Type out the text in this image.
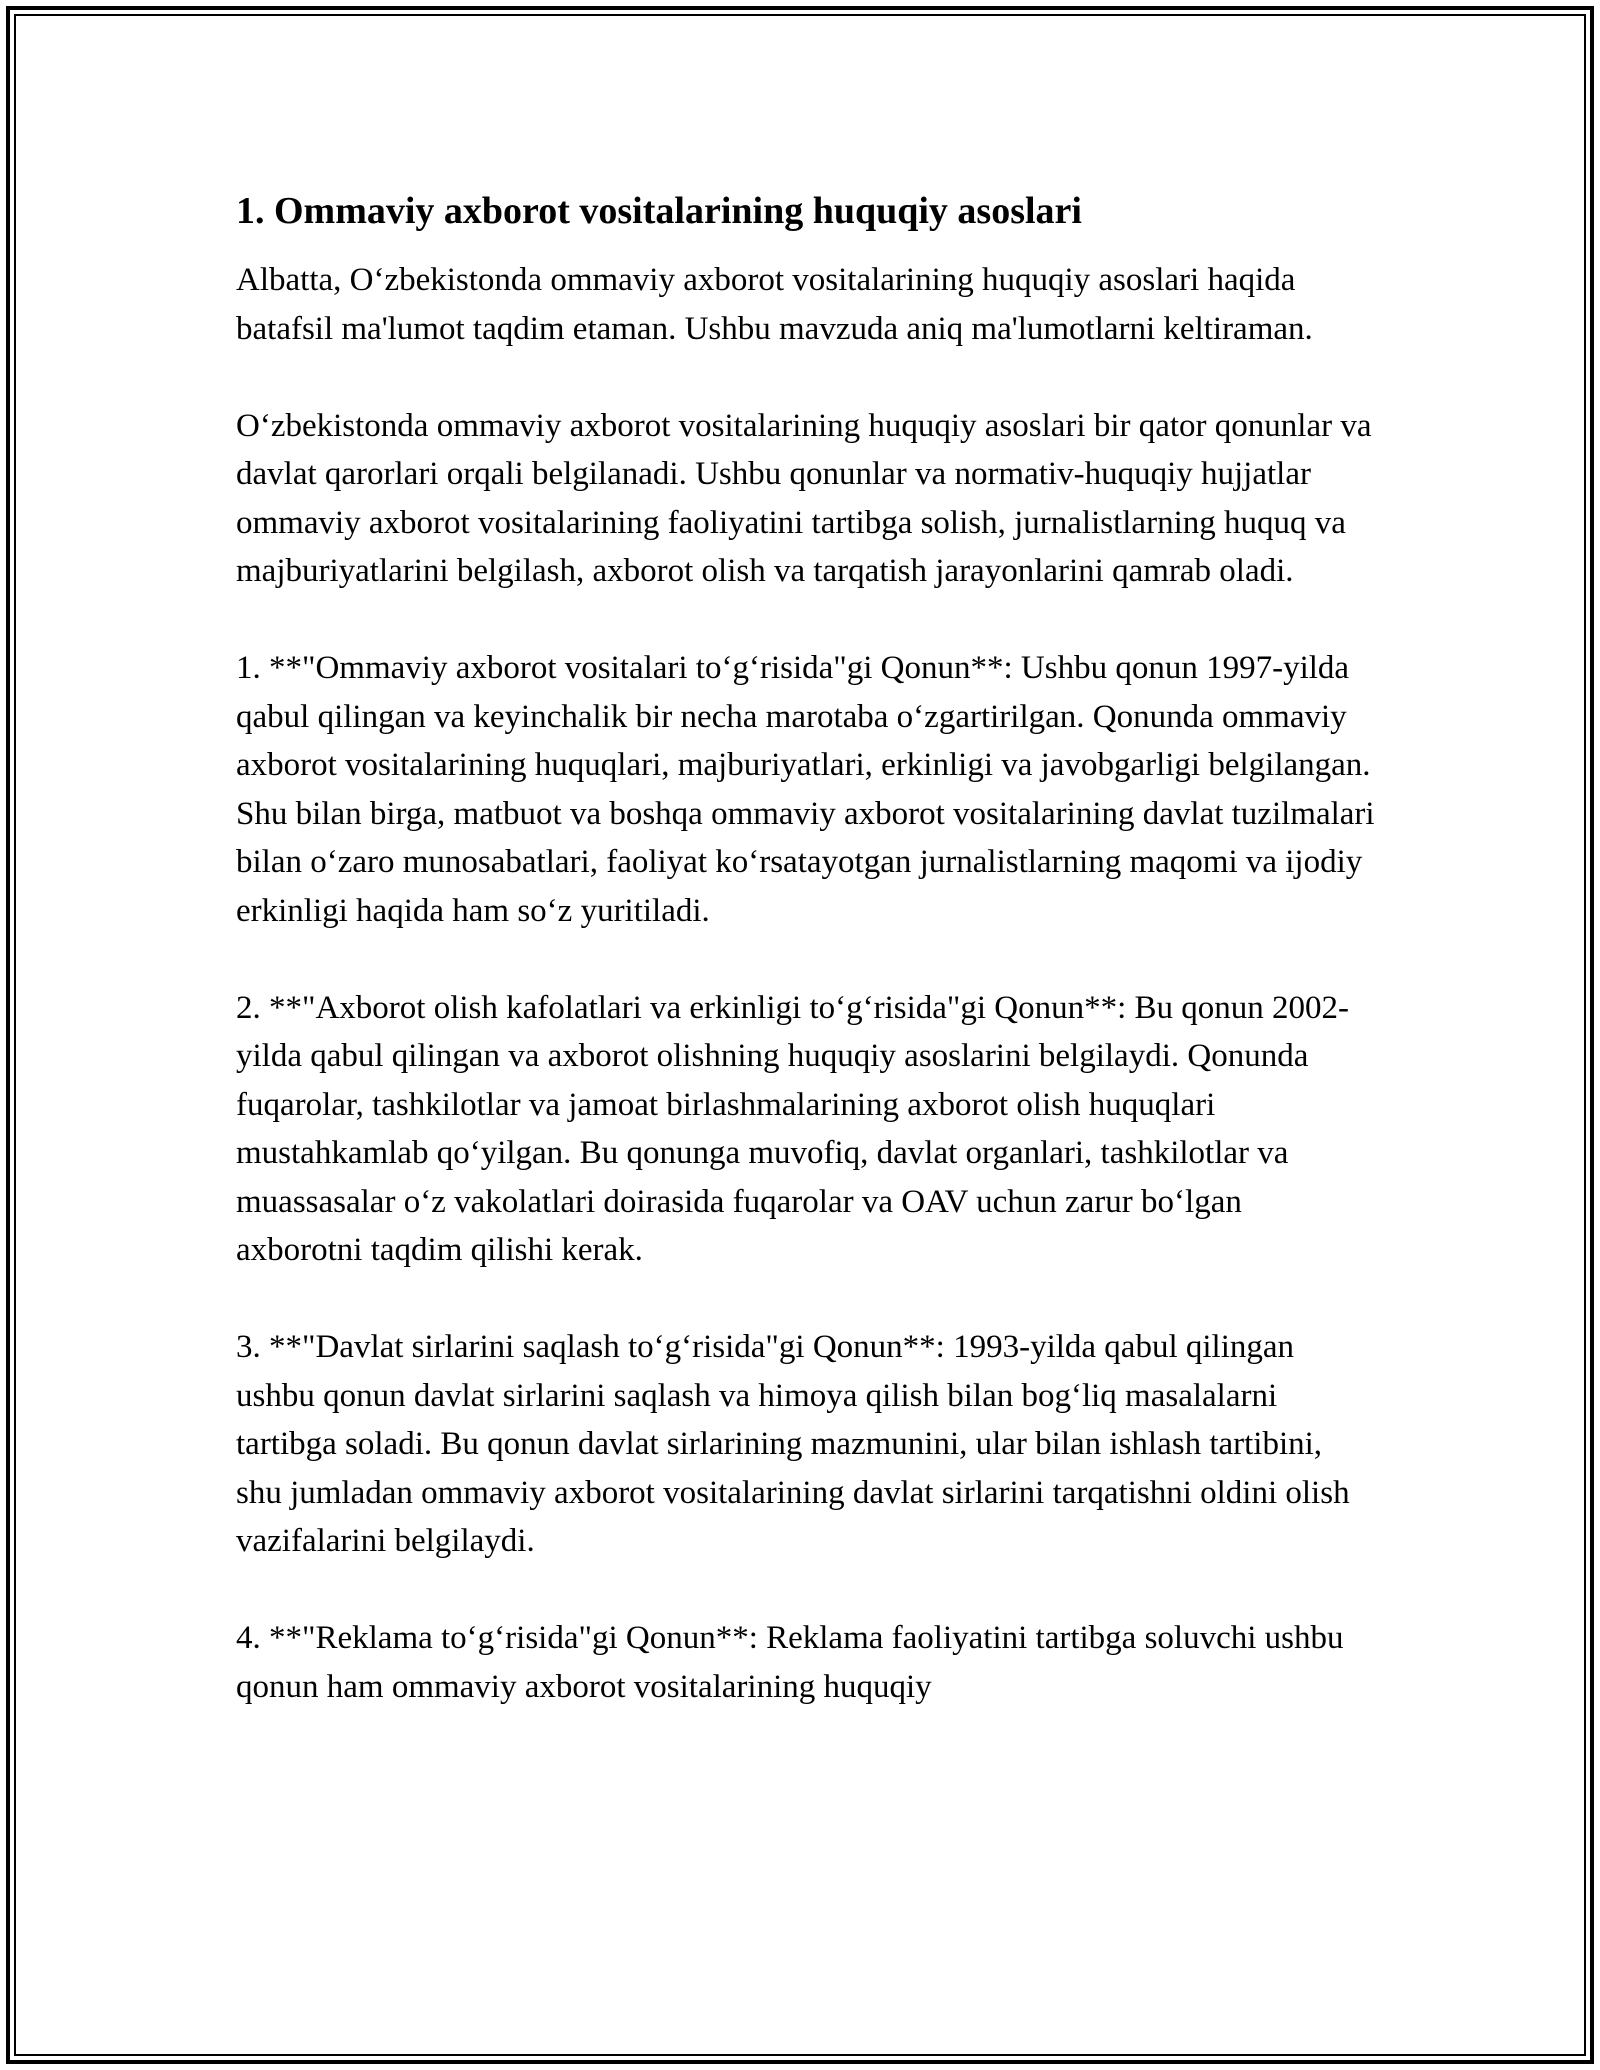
1. Ommaviy axborot vositalarining huquqiy asoslari

Albatta, Oʻzbekistonda ommaviy axborot vositalarining huquqiy asoslari haqida batafsil ma'lumot taqdim etaman. Ushbu mavzuda aniq ma'lumotlarni keltiraman.

Oʻzbekistonda ommaviy axborot vositalarining huquqiy asoslari bir qator qonunlar va davlat qarorlari orqali belgilanadi. Ushbu qonunlar va normativ-huquqiy hujjatlar ommaviy axborot vositalarining faoliyatini tartibga solish, jurnalistlarning huquq va majburiyatlarini belgilash, axborot olish va tarqatish jarayonlarini qamrab oladi.

1. **"Ommaviy axborot vositalari toʻgʻrisida"gi Qonun**: Ushbu qonun 1997-yilda qabul qilingan va keyinchalik bir necha marotaba oʻzgartirilgan. Qonunda ommaviy axborot vositalarining huquqlari, majburiyatlari, erkinligi va javobgarligi belgilangan. Shu bilan birga, matbuot va boshqa ommaviy axborot vositalarining davlat tuzilmalari bilan oʻzaro munosabatlari, faoliyat koʻrsatayotgan jurnalistlarning maqomi va ijodiy erkinligi haqida ham soʻz yuritiladi.

2. **"Axborot olish kafolatlari va erkinligi toʻgʻrisida"gi Qonun**: Bu qonun 2002-yilda qabul qilingan va axborot olishning huquqiy asoslarini belgilaydi. Qonunda fuqarolar, tashkilotlar va jamoat birlashmalarining axborot olish huquqlari mustahkamlab qoʻyilgan. Bu qonunga muvofiq, davlat organlari, tashkilotlar va muassasalar oʻz vakolatlari doirasida fuqarolar va OAV uchun zarur boʻlgan axborotni taqdim qilishi kerak.

3. **"Davlat sirlarini saqlash toʻgʻrisida"gi Qonun**: 1993-yilda qabul qilingan ushbu qonun davlat sirlarini saqlash va himoya qilish bilan bogʻliq masalalarni tartibga soladi. Bu qonun davlat sirlarining mazmunini, ular bilan ishlash tartibini, shu jumladan ommaviy axborot vositalarining davlat sirlarini tarqatishni oldini olish vazifalarini belgilaydi.

4. **"Reklama toʻgʻrisida"gi Qonun**: Reklama faoliyatini tartibga soluvchi ushbu qonun ham ommaviy axborot vositalarining huquqiy
